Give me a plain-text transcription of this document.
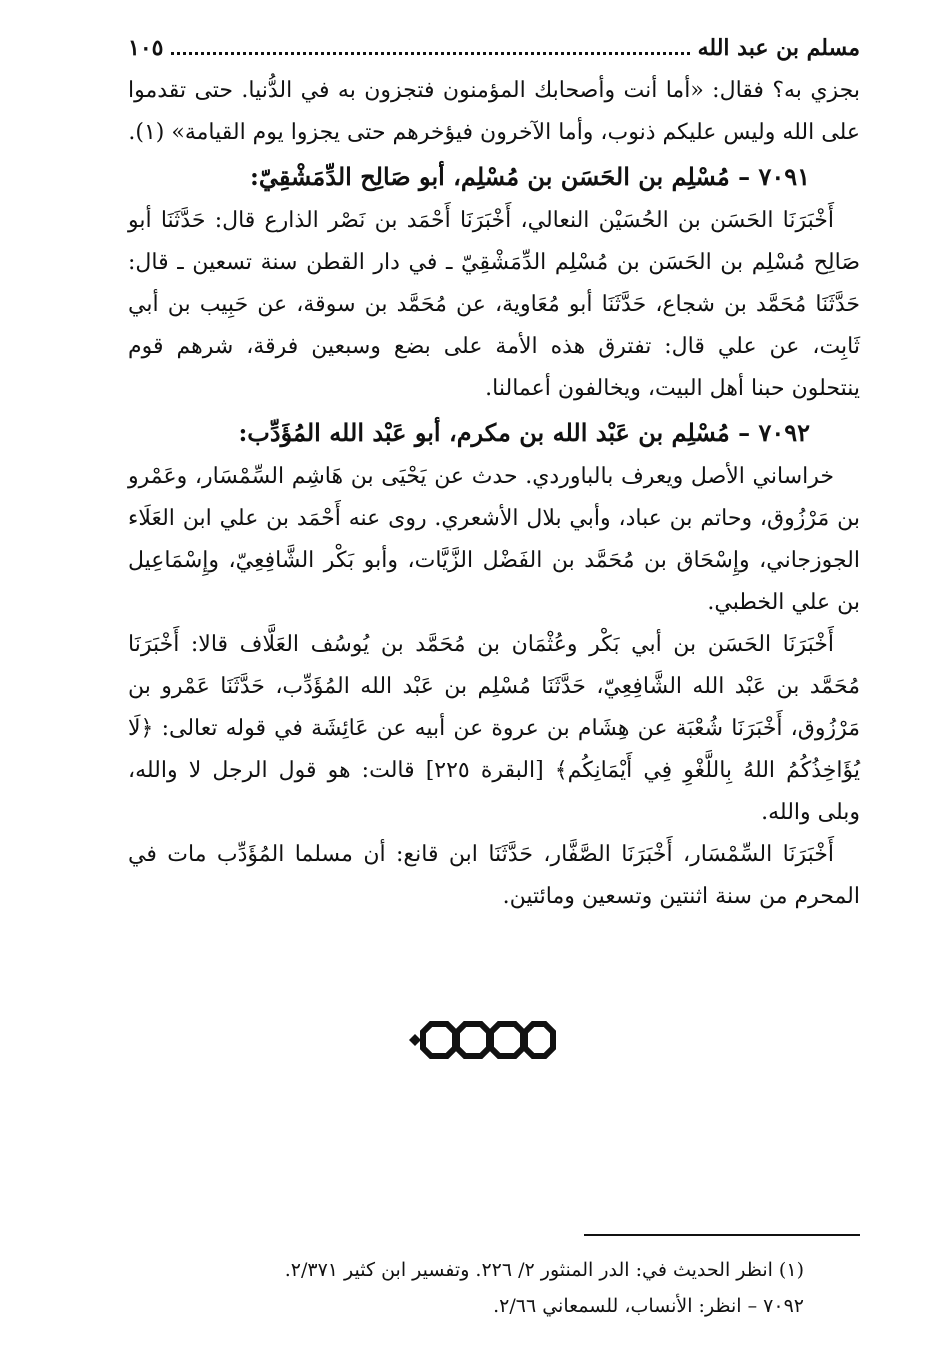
مسلم بن عبد الله
١٠٥

بجزي به؟ فقال: «أما أنت وأصحابك المؤمنون فتجزون به في الدُّنيا. حتى تقدموا على الله وليس عليكم ذنوب، وأما الآخرون فيؤخرهم حتى يجزوا يوم القيامة» (١).

٧٠٩١ – مُسْلِم بن الحَسَن بن مُسْلِم، أبو صَالِح الدِّمَشْقِيّ:

أَخْبَرَنَا الحَسَن بن الحُسَيْن النعالي، أَخْبَرَنَا أَحْمَد بن نَصْر الذارع قال: حَدَّثَنَا أبو صَالِح مُسْلِم بن الحَسَن بن مُسْلِم الدِّمَشْقِيّ ـ في دار القطن سنة تسعين ـ قال: حَدَّثَنَا مُحَمَّد بن شجاع، حَدَّثَنَا أبو مُعَاوية، عن مُحَمَّد بن سوقة، عن حَبِيب بن أبي ثَابِت، عن علي قال: تفترق هذه الأمة على بضع وسبعين فرقة، شرهم قوم ينتحلون حبنا أهل البيت، ويخالفون أعمالنا.

٧٠٩٢ – مُسْلِم بن عَبْد الله بن مكرم، أبو عَبْد الله المُؤَدِّب:

خراساني الأصل ويعرف بالباوردي. حدث عن يَحْيَى بن هَاشِم السِّمْسَار، وعَمْرو بن مَرْزُوق، وحاتم بن عباد، وأبي بلال الأشعري. روى عنه أَحْمَد بن علي ابن العَلَاء الجوزجاني، وإِسْحَاق بن مُحَمَّد بن الفَضْل الزَّيَّات، وأبو بَكْر الشَّافِعِيّ، وإِسْمَاعِيل بن علي الخطبي.

أَخْبَرَنَا الحَسَن بن أبي بَكْر وعُثْمَان بن مُحَمَّد بن يُوسُف العَلَّاف قالا: أَخْبَرَنَا مُحَمَّد بن عَبْد الله الشَّافِعِيّ، حَدَّثَنَا مُسْلِم بن عَبْد الله المُؤَدِّب، حَدَّثَنَا عَمْرو بن مَرْزُوق، أَخْبَرَنَا شُعْبَة عن هِشَام بن عروة عن أبيه عن عَائِشَة في قوله تعالى: ﴿لَا يُؤَاخِذُكُمُ اللهُ بِاللَّغْوِ فِي أَيْمَانِكُم﴾ [البقرة ٢٢٥] قالت: هو قول الرجل لا والله، وبلى والله.

أَخْبَرَنَا السِّمْسَار، أَخْبَرَنَا الصَّفَّار، حَدَّثَنَا ابن قانع: أن مسلما المُؤَدِّب مات في المحرم من سنة اثنتين وتسعين ومائتين.

(١) انظر الحديث في: الدر المنثور ٢/ ٢٢٦. وتفسير ابن كثير ٢/٣٧١.
٧٠٩٢ – انظر: الأنساب، للسمعاني ٢/٦٦.
